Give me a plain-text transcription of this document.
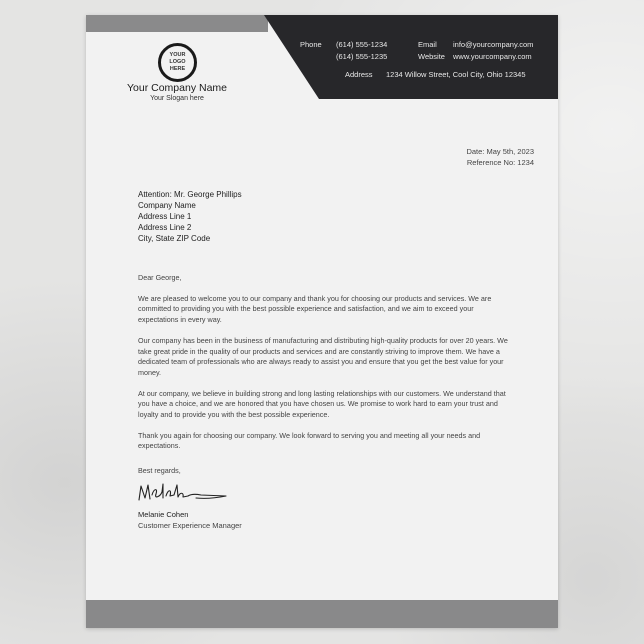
YOUR
LOGO
HERE
Your Company Name
Your Slogan here
Phone (614) 555-1234
(614) 555-1235
Email info@yourcompany.com
Website www.yourcompany.com
Address 1234 Willow Street, Cool City, Ohio 12345
Date: May 5th, 2023
Reference No: 1234
Attention: Mr. George Phillips
Company Name
Address Line 1
Address Line 2
City, State ZIP Code

Dear George,

We are pleased to welcome you to our company and thank you for choosing our products and services. We are committed to providing you with the best possible experience and satisfaction, and we aim to exceed your expectations in every way.

Our company has been in the business of manufacturing and distributing high-quality products for over 20 years. We take great pride in the quality of our products and services and are constantly striving to improve them. We have a dedicated team of professionals who are always ready to assist you and ensure that you get the best value for your money.

At our company, we believe in building strong and long lasting relationships with our customers. We understand that you have a choice, and we are honored that you have chosen us. We promise to work hard to earn your trust and loyalty and to provide you with the best possible experience.

Thank you again for choosing our company. We look forward to serving you and meeting all your needs and expectations.

Best regards,
Melanie Cohen
Customer Experience Manager
